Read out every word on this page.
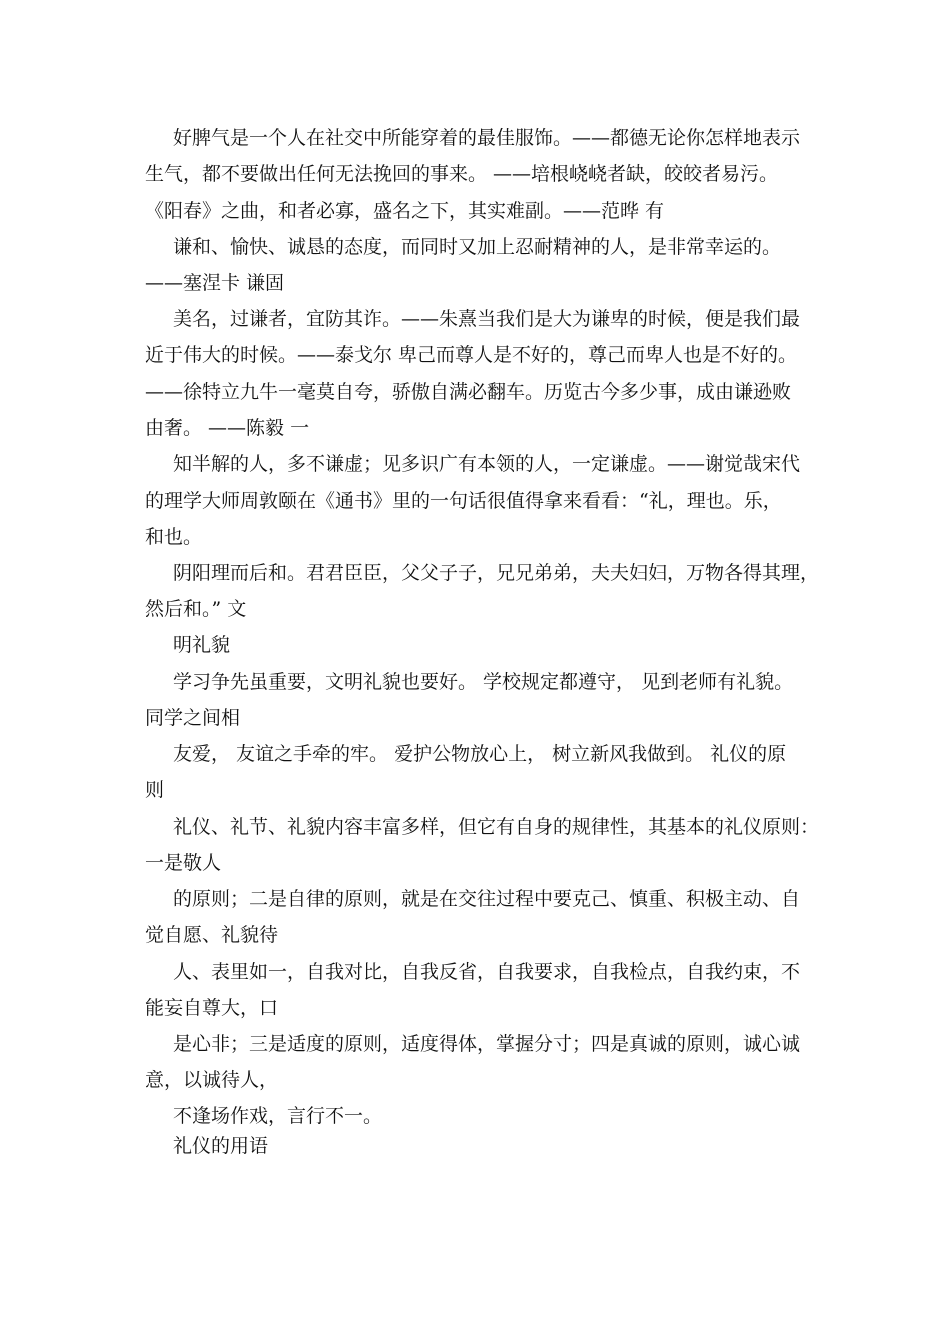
好脾气是一个人在社交中所能穿着的最佳服饰。——都德无论你怎样地表示

生气，都不要做出任何无法挽回的事来。 ——培根峣峣者缺，皎皎者易污。

《阳春》之曲，和者必寡，盛名之下，其实难副。——范晔 有

谦和、愉快、诚恳的态度，而同时又加上忍耐精神的人，是非常幸运的。

——塞涅卡 谦固

美名，过谦者，宜防其诈。——朱熹当我们是大为谦卑的时候，便是我们最

近于伟大的时候。——泰戈尔 卑己而尊人是不好的，尊己而卑人也是不好的。

——徐特立九牛一毫莫自夸，骄傲自满必翻车。历览古今多少事，成由谦逊败

由奢。 ——陈毅 一

知半解的人，多不谦虚；见多识广有本领的人，一定谦虚。——谢觉哉宋代

的理学大师周敦颐在《通书》里的一句话很值得拿来看看：“礼，理也。乐，

和也。

阴阳理而后和。君君臣臣，父父子子，兄兄弟弟，夫夫妇妇，万物各得其理，

然后和。” 文

明礼貌

学习争先虽重要，文明礼貌也要好。 学校规定都遵守， 见到老师有礼貌。

同学之间相

友爱， 友谊之手牵的牢。 爱护公物放心上， 树立新风我做到。 礼仪的原

则

礼仪、礼节、礼貌内容丰富多样，但它有自身的规律性，其基本的礼仪原则：

一是敬人

的原则；二是自律的原则，就是在交往过程中要克己、慎重、积极主动、自

觉自愿、礼貌待

人、表里如一，自我对比，自我反省，自我要求，自我检点，自我约束，不

能妄自尊大，口

是心非；三是适度的原则，适度得体，掌握分寸；四是真诚的原则，诚心诚

意，以诚待人，

不逢场作戏，言行不一。

礼仪的用语
